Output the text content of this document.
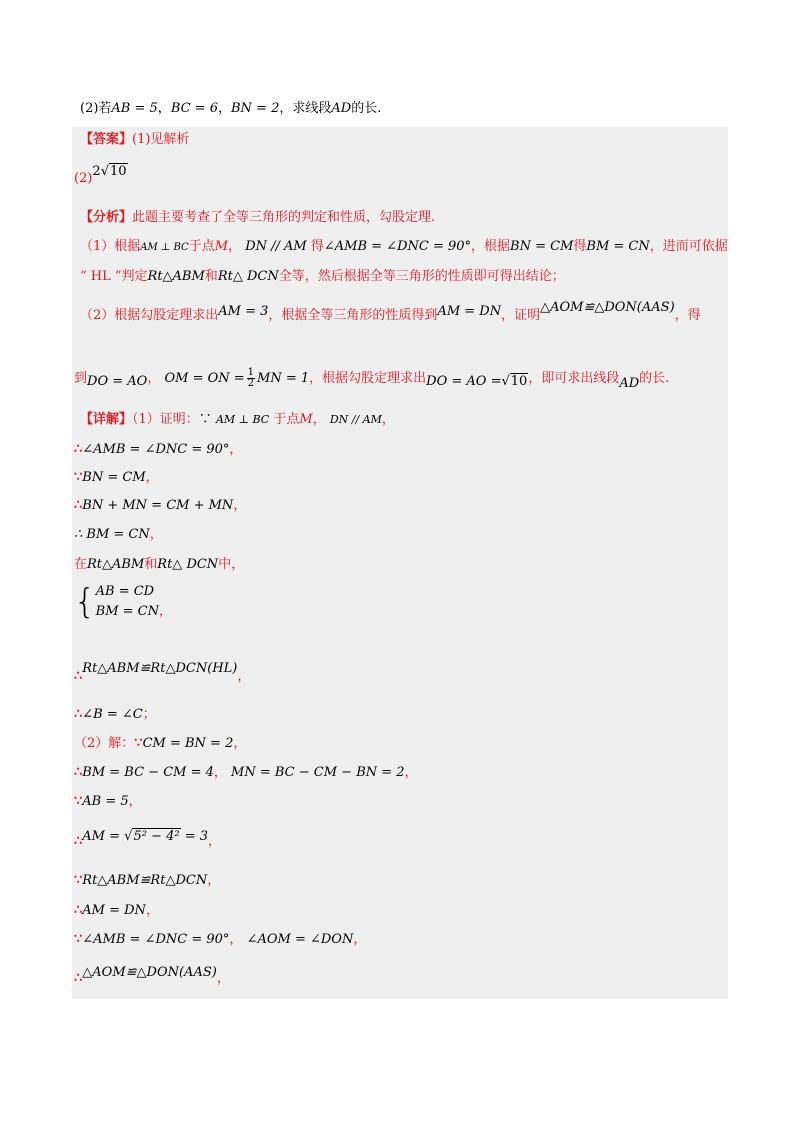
(2)若AB = 5，BC = 6，BN = 2，求线段AD的长.
【答案】(1)见解析
(2)2√10
【分析】此题主要考查了全等三角形的判定和性质，勾股定理.
（1）根据AM ⊥ BC于点M， DN // AM 得∠AMB = ∠DNC = 90°，根据BN = CM得BM = CN，进而可依据
“ HL ”判定Rt△ABM和Rt△ DCN全等，然后根据全等三角形的性质即可得出结论；
（2）根据勾股定理求出AM = 3，根据全等三角形的性质得到AM = DN，证明△AOM≌△DON(AAS)，得
到DO = AO， OM = ON = $\frac{1}{2}$ MN = 1，根据勾股定理求出DO = AO =√10，即可求出线段AD的长.
【详解】（1）证明：∵ AM ⊥ BC 于点M， DN // AM，
∴∠AMB = ∠DNC = 90°，
∵BN = CM，
∴BN + MN = CM + MN，
∴ BM = CN，
在Rt△ABM和Rt△ DCN中，
{ AB = CD
BM = CN ，
∴Rt△ABM≌Rt△DCN(HL)，
∴∠B = ∠C；
（2）解：∵CM = BN = 2，
∴BM = BC − CM = 4， MN = BC − CM − BN = 2，
∵AB = 5，
∴AM = √5² − 4² = 3，
∵Rt△ABM≌Rt△DCN，
∴AM = DN，
∵∠AMB = ∠DNC = 90°， ∠AOM = ∠DON，
∴△AOM≌△DON(AAS)，
